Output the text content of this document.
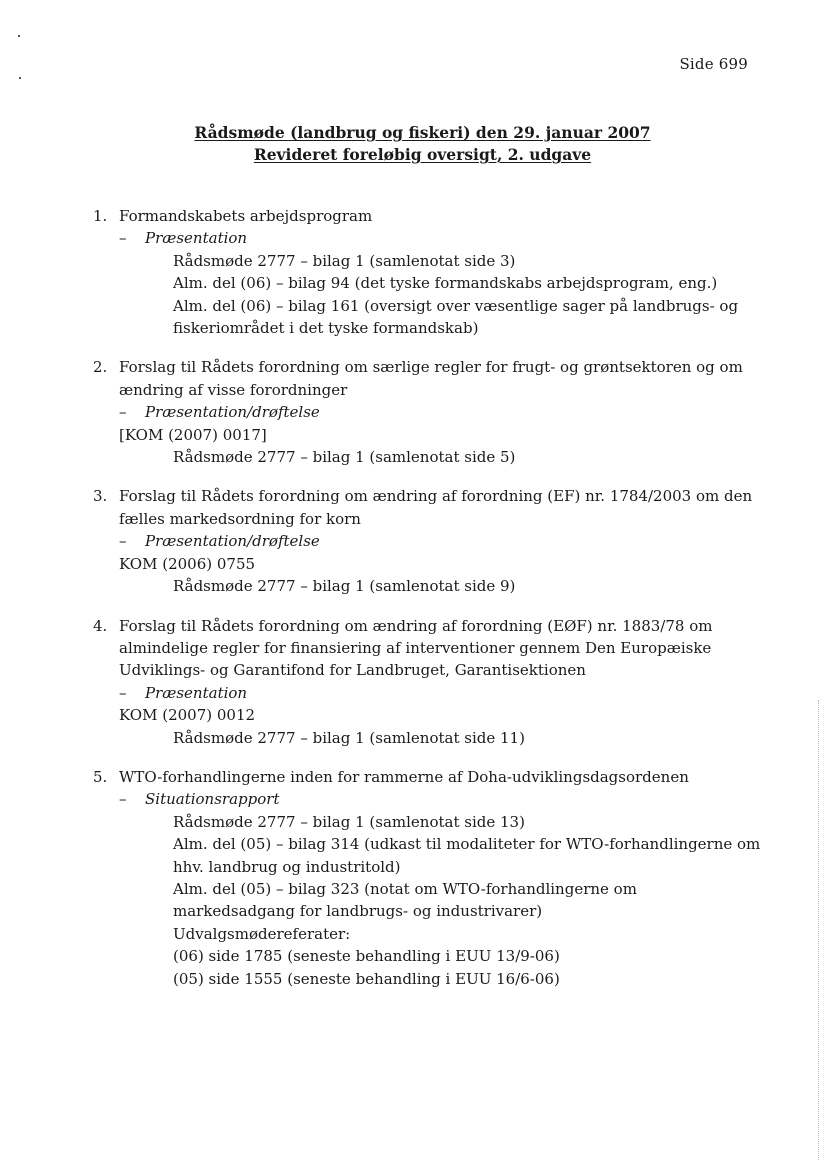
Side 699
Rådsmøde (landbrug og fiskeri) den 29. januar 2007
Revideret foreløbig oversigt, 2. udgave
1. Formandskabets arbejdsprogram
–	Præsentation
Rådsmøde 2777 – bilag 1 (samlenotat side 3)
Alm. del (06) – bilag 94 (det tyske formandskabs arbejdsprogram, eng.)
Alm. del (06) – bilag 161 (oversigt over væsentlige sager på landbrugs- og
fiskeriområdet i det tyske formandskab)
2. Forslag til Rådets forordning om særlige regler for frugt- og grøntsektoren og om
ændring af visse forordninger
–	Præsentation/drøftelse
[KOM (2007) 0017]
Rådsmøde 2777 – bilag 1 (samlenotat side 5)
3. Forslag til Rådets forordning om ændring af forordning (EF) nr. 1784/2003 om den
fælles markedsordning for korn
–	Præsentation/drøftelse
KOM (2006) 0755
Rådsmøde 2777 – bilag 1 (samlenotat side 9)
4. Forslag til Rådets forordning om ændring af forordning (EØF) nr. 1883/78 om
almindelige regler for finansiering af interventioner gennem Den Europæiske
Udviklings- og Garantifond for Landbruget, Garantisektionen
–	Præsentation
KOM (2007) 0012
Rådsmøde 2777 – bilag 1 (samlenotat side 11)
5. WTO-forhandlingerne inden for rammerne af Doha-udviklingsdagsordenen
–	Situationsrapport
Rådsmøde 2777 – bilag 1 (samlenotat side 13)
Alm. del (05) – bilag 314 (udkast til modaliteter for WTO-forhandlingerne om
hhv. landbrug og industritold)
Alm. del (05) – bilag 323 (notat om WTO-forhandlingerne om
markedsadgang for landbrugs- og industrivarer)
Udvalgsmødereferater:
(06) side 1785 (seneste behandling i EUU 13/9-06)
(05) side 1555 (seneste behandling i EUU 16/6-06)
